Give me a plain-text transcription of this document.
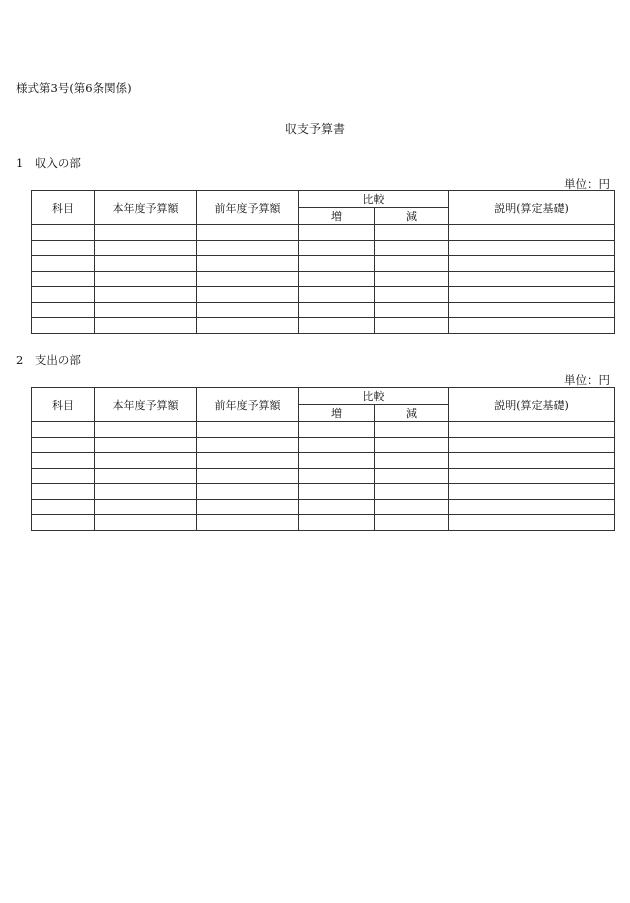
様式第3号(第6条関係)
収支予算書
1　収入の部
単位：円
科目	本年度予算額	前年度予算額	比較		説明(算定基礎)
			増	減	

2　支出の部
単位：円
科目	本年度予算額	前年度予算額	比較		説明(算定基礎)
			増	減	
